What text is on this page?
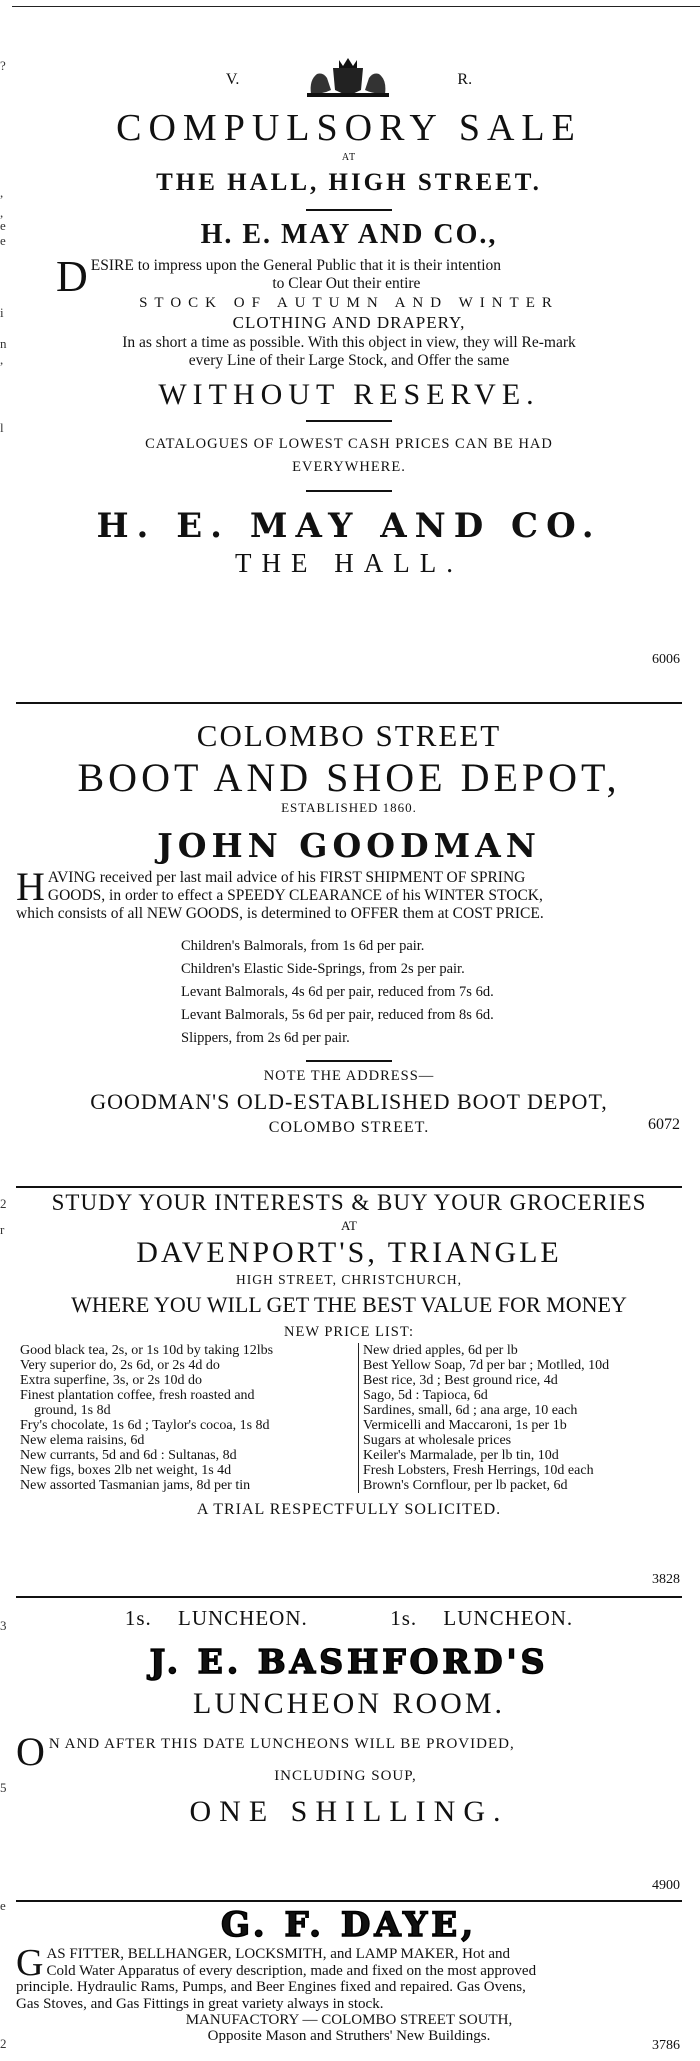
?
,
,
e
e
i
n
,
l
2
r
3
5
e
2
V.	R.
COMPULSORY SALE
AT
THE HALL, HIGH STREET.
H. E. MAY AND CO.,
D ESIRE to impress upon the General Public that it is their intention
to Clear Out their entire
STOCK OF AUTUMN AND WINTER
CLOTHING AND DRAPERY,
In as short a time as possible. With this object in view, they will Re-mark
every Line of their Large Stock, and Offer the same
WITHOUT RESERVE.
CATALOGUES OF LOWEST CASH PRICES CAN BE HAD
EVERYWHERE.
H. E. MAY AND CO.
THE HALL.
6006
COLOMBO STREET
BOOT AND SHOE DEPOT,
ESTABLISHED 1860.
JOHN GOODMAN
H AVING received per last mail advice of his FIRST SHIPMENT OF SPRING
GOODS, in order to effect a SPEEDY CLEARANCE of his WINTER STOCK,
which consists of all NEW GOODS, is determined to OFFER them at COST PRICE.
Children's Balmorals, from 1s 6d per pair.
Children's Elastic Side-Springs, from 2s per pair.
Levant Balmorals, 4s 6d per pair, reduced from 7s 6d.
Levant Balmorals, 5s 6d per pair, reduced from 8s 6d.
Slippers, from 2s 6d per pair.
NOTE THE ADDRESS—
GOODMAN'S OLD-ESTABLISHED BOOT DEPOT,
COLOMBO STREET.	6072
STUDY YOUR INTERESTS & BUY YOUR GROCERIES
AT
DAVENPORT'S, TRIANGLE
HIGH STREET, CHRISTCHURCH,
WHERE YOU WILL GET THE BEST VALUE FOR MONEY
NEW PRICE LIST:
Good black tea, 2s, or 1s 10d by taking 12lbs
Very superior do, 2s 6d, or 2s 4d do
Extra superfine, 3s, or 2s 10d do
Finest plantation coffee, fresh roasted and
ground, 1s 8d
Fry's chocolate, 1s 6d ; Taylor's cocoa, 1s 8d
New elema raisins, 6d
New currants, 5d and 6d : Sultanas, 8d
New figs, boxes 2lb net weight, 1s 4d
New assorted Tasmanian jams, 8d per tin

New dried apples, 6d per lb
Best Yellow Soap, 7d per bar ; Motlled, 10d
Best rice, 3d ; Best ground rice, 4d
Sago, 5d : Tapioca, 6d
Sardines, small, 6d ; ana arge, 10 each
Vermicelli and Maccaroni, 1s per 1b
Sugars at wholesale prices
Keiler's Marmalade, per lb tin, 10d
Fresh Lobsters, Fresh Herrings, 10d each
Brown's Cornflour, per lb packet, 6d
A TRIAL RESPECTFULLY SOLICITED.
3828
1s. LUNCHEON.	1s. LUNCHEON.
J. E. BASHFORD'S
LUNCHEON ROOM.
O N AND AFTER THIS DATE LUNCHEONS WILL BE PROVIDED,
INCLUDING SOUP,
ONE SHILLING.
4900
G. F. DAYE,
G AS FITTER, BELLHANGER, LOCKSMITH, and LAMP MAKER, Hot and
Cold Water Apparatus of every description, made and fixed on the most approved
principle. Hydraulic Rams, Pumps, and Beer Engines fixed and repaired. Gas Ovens,
Gas Stoves, and Gas Fittings in great variety always in stock.
MANUFACTORY — COLOMBO STREET SOUTH,
Opposite Mason and Struthers' New Buildings.
3786
